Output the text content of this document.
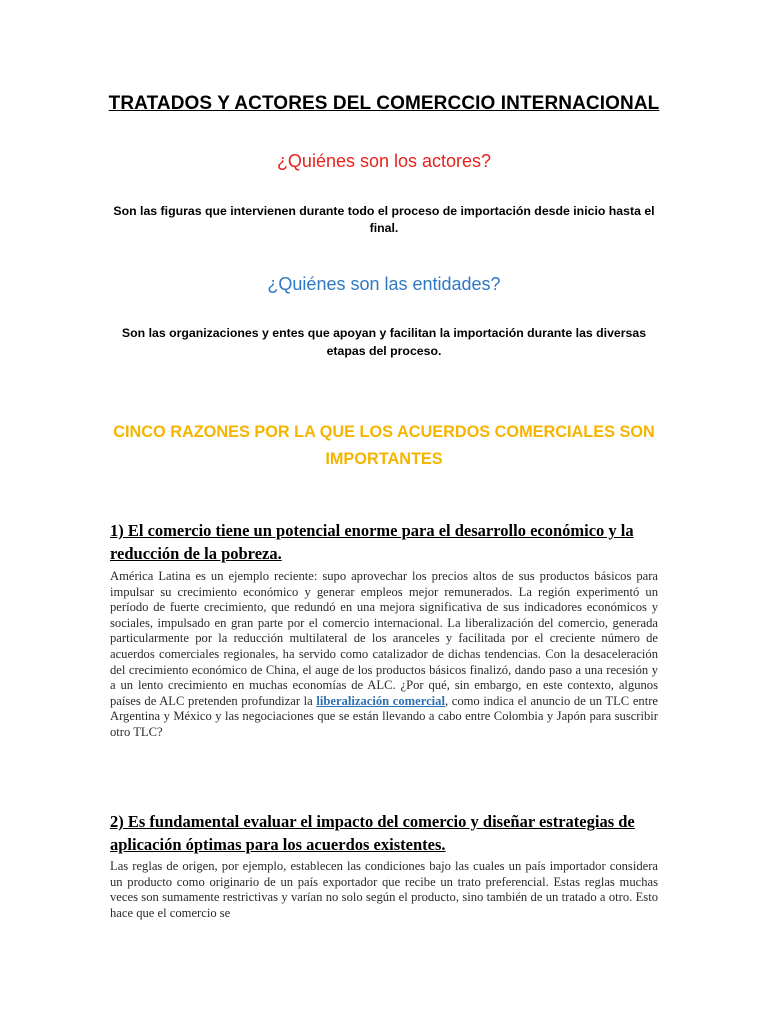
TRATADOS Y ACTORES DEL COMERCCIO INTERNACIONAL

¿Quiénes son los actores?

Son las figuras que intervienen durante todo el proceso de importación desde inicio hasta el final.

¿Quiénes son las entidades?

Son las organizaciones y entes que apoyan y facilitan la importación durante las diversas etapas del proceso.

CINCO RAZONES POR LA QUE LOS ACUERDOS COMERCIALES SON IMPORTANTES
1) El comercio tiene un potencial enorme para el desarrollo económico y la reducción de la pobreza.

América Latina es un ejemplo reciente: supo aprovechar los precios altos de sus productos básicos para impulsar su crecimiento económico y generar empleos mejor remunerados. La región experimentó un período de fuerte crecimiento, que redundó en una mejora significativa de sus indicadores económicos y sociales, impulsado en gran parte por el comercio internacional. La liberalización del comercio, generada particularmente por la reducción multilateral de los aranceles y facilitada por el creciente número de acuerdos comerciales regionales, ha servido como catalizador de dichas tendencias. Con la desaceleración del crecimiento económico de China, el auge de los productos básicos finalizó, dando paso a una recesión y a un lento crecimiento en muchas economías de ALC. ¿Por qué, sin embargo, en este contexto, algunos países de ALC pretenden profundizar la liberalización comercial, como indica el anuncio de un TLC entre Argentina y México y las negociaciones que se están llevando a cabo entre Colombia y Japón para suscribir otro TLC?

2) Es fundamental evaluar el impacto del comercio y diseñar estrategias de aplicación óptimas para los acuerdos existentes.

Las reglas de origen, por ejemplo, establecen las condiciones bajo las cuales un país importador considera un producto como originario de un país exportador que recibe un trato preferencial. Estas reglas muchas veces son sumamente restrictivas y varían no solo según el producto, sino también de un tratado a otro. Esto hace que el comercio se
